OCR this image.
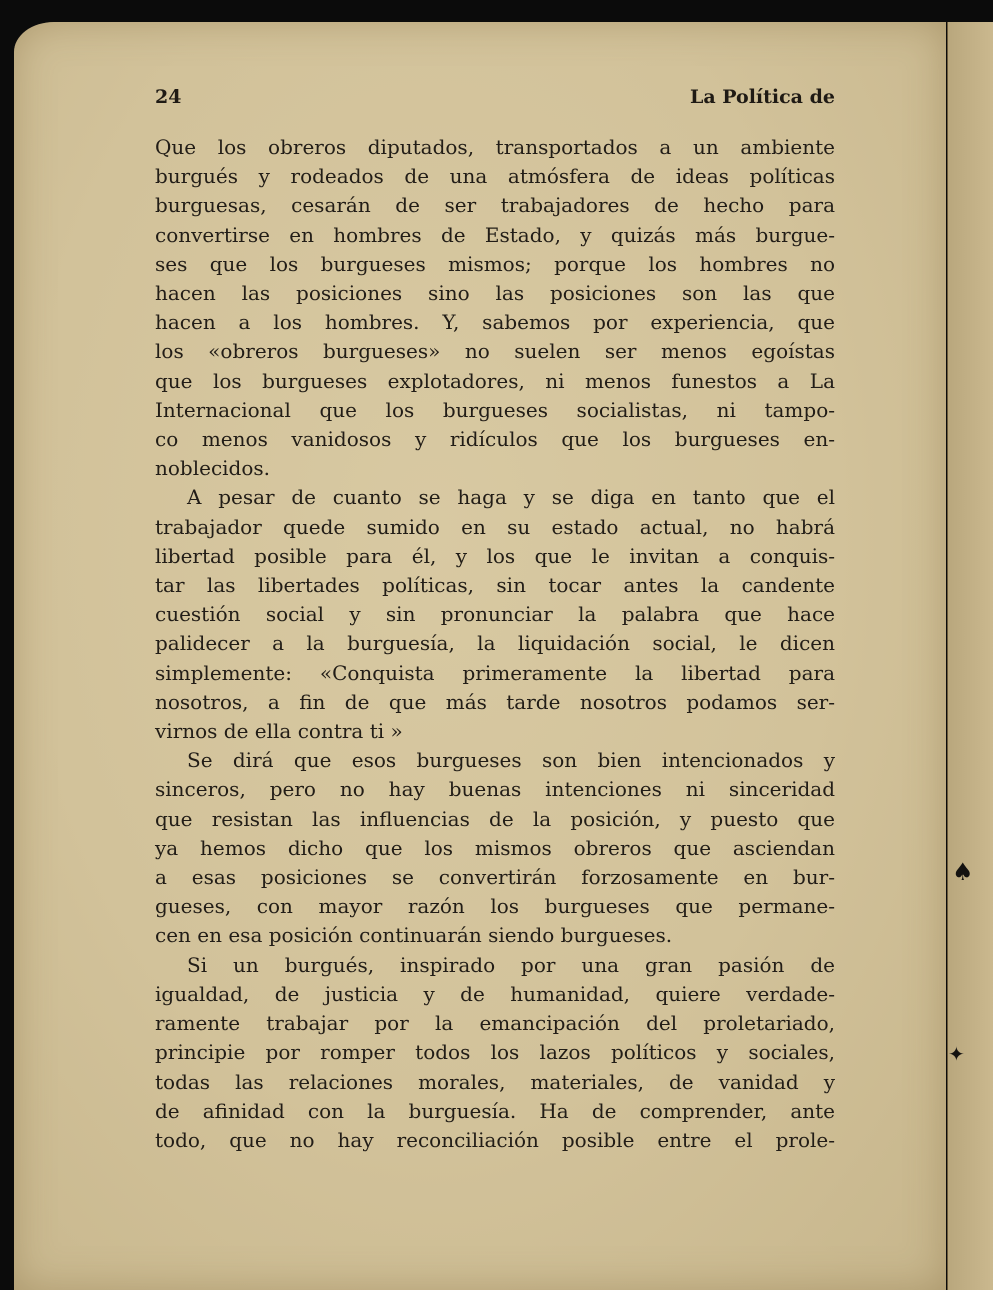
♠
✦
24	La Política de
Que los obreros diputados, transportados a un ambiente
burgués y rodeados de una atmósfera de ideas políticas
burguesas, cesarán de ser trabajadores de hecho para
convertirse en hombres de Estado, y quizás más burgue-
ses que los burgueses mismos; porque los hombres no
hacen las posiciones sino las posiciones son las que
hacen a los hombres. Y, sabemos por experiencia, que
los «obreros burgueses» no suelen ser menos egoístas
que los burgueses explotadores, ni menos funestos a La
Internacional que los burgueses socialistas, ni tampo-
co menos vanidosos y ridículos que los burgueses en-
noblecidos.
A pesar de cuanto se haga y se diga en tanto que el
trabajador quede sumido en su estado actual, no habrá
libertad posible para él, y los que le invitan a conquis-
tar las libertades políticas, sin tocar antes la candente
cuestión social y sin pronunciar la palabra que hace
palidecer a la burguesía, la liquidación social, le dicen
simplemente: «Conquista primeramente la libertad para
nosotros, a fin de que más tarde nosotros podamos ser-
virnos de ella contra ti »
Se dirá que esos burgueses son bien intencionados y
sinceros, pero no hay buenas intenciones ni sinceridad
que resistan las influencias de la posición, y puesto que
ya hemos dicho que los mismos obreros que asciendan
a esas posiciones se convertirán forzosamente en bur-
gueses, con mayor razón los burgueses que permane-
cen en esa posición continuarán siendo burgueses.
Si un burgués, inspirado por una gran pasión de
igualdad, de justicia y de humanidad, quiere verdade-
ramente trabajar por la emancipación del proletariado,
principie por romper todos los lazos políticos y sociales,
todas las relaciones morales, materiales, de vanidad y
de afinidad con la burguesía. Ha de comprender, ante
todo, que no hay reconciliación posible entre el prole-
